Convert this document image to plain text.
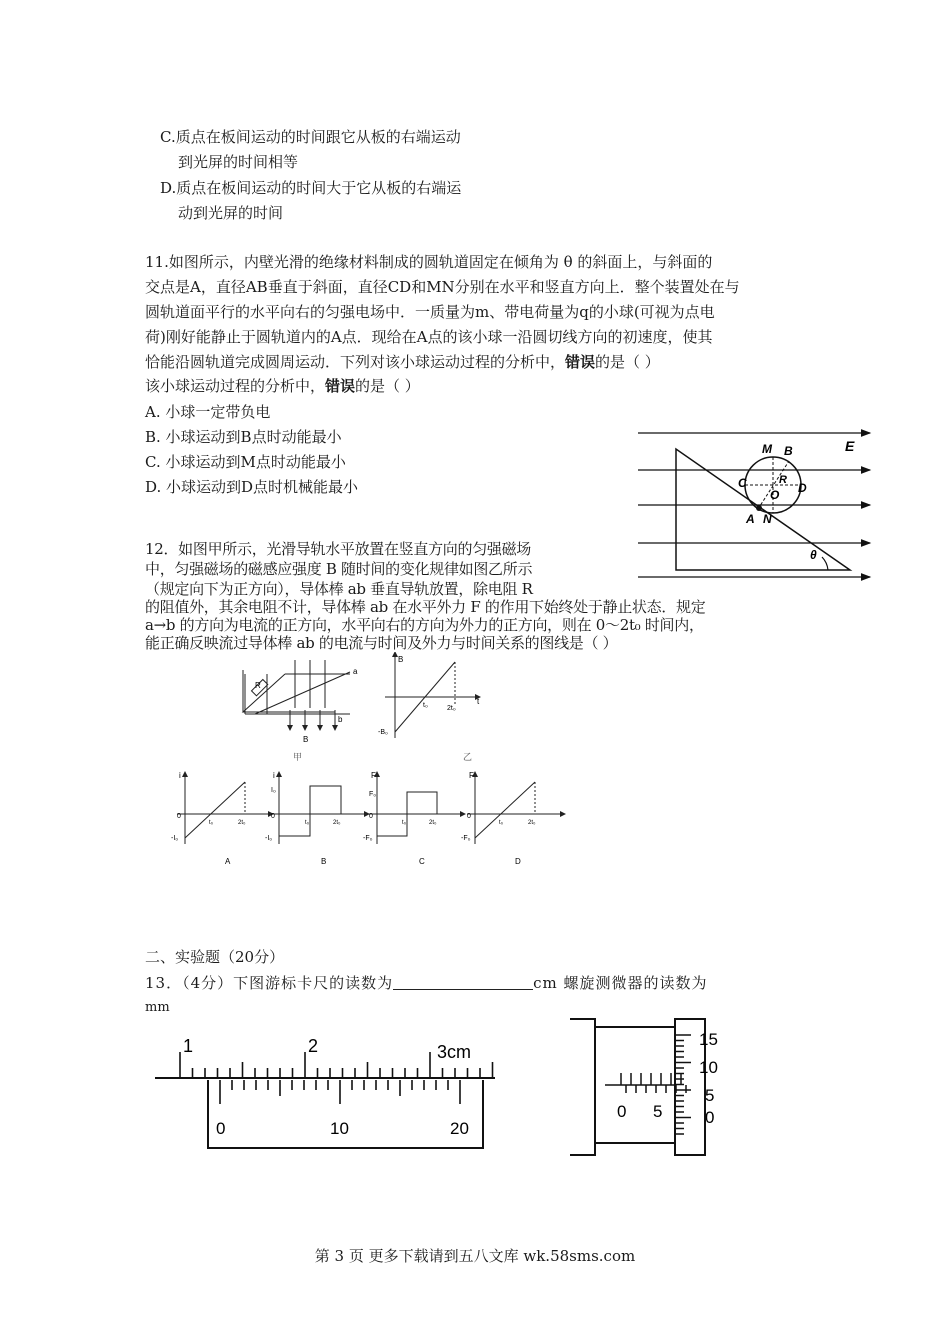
C.质点在板间运动的时间跟它从板的右端运动
到光屏的时间相等
D.质点在板间运动的时间大于它从板的右端运
动到光屏的时间
11.如图所示，内壁光滑的绝缘材料制成的圆轨道固定在倾角为 θ 的斜面上，与斜面的
交点是A，直径AB垂直于斜面，直径CD和MN分别在水平和竖直方向上．整个装置处在与
圆轨道面平行的水平向右的匀强电场中．一质量为m、带电荷量为q的小球(可视为点电
荷)刚好能静止于圆轨道内的A点．现给在A点的该小球一沿圆切线方向的初速度，使其
恰能沿圆轨道完成圆周运动．下列对该小球运动过程的分析中，错误的是（ ）
该小球运动过程的分析中，错误的是（ ）
A. 小球一定带负电
B. 小球运动到B点时动能最小
C. 小球运动到M点时动能最小
D. 小球运动到D点时机械能最小
E
M B
C	R
D
O
A N
θ
12．如图甲所示，光滑导轨水平放置在竖直方向的匀强磁场
中，匀强磁场的磁感应强度 B 随时间的变化规律如图乙所示
（规定向下为正方向），导体棒 ab 垂直导轨放置，除电阻 R
的阻值外，其余电阻不计，导体棒 ab 在水平外力 F 的作用下始终处于静止状态．规定
a→b 的方向为电流的正方向，水平向右的方向为外力的正方向，则在 0～2t₀ 时间内，
能正确反映流过导体棒 ab 的电流与时间及外力与时间关系的图线是（ ）
R
a
b
B
甲
B
t
t₀	2t₀
-B₀
乙
i
0
-I₀
t₀	2t₀
A
i
I₀
0
-I₀
t₀	2t₀
B
F
F₀
0
-F₀
t₀	2t₀
C
F
0
-F₀
t₀	2t₀
D
二、实验题（20分）
13．（4分）下图游标卡尺的读数为	cm 螺旋测微器的读数为
mm
1	2	3cm
0	10	20
0 5
15
10
5
0
第 3 页 更多下载请到五八文库 wk.58sms.com
